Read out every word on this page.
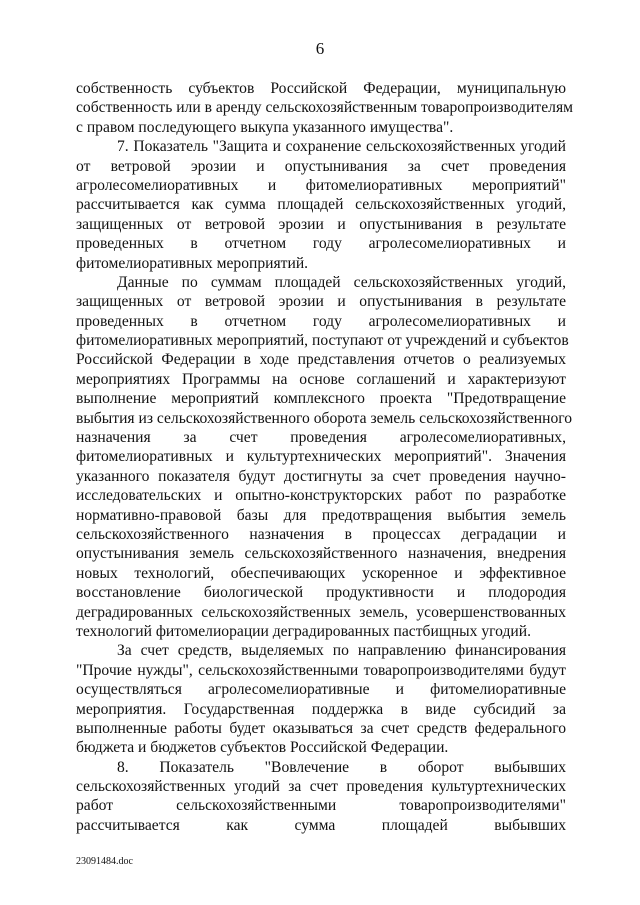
6
собственность субъектов Российской Федерации, муниципальную
собственность или в аренду сельскохозяйственным товаропроизводителям
с правом последующего выкупа указанного имущества".
7. Показатель "Защита и сохранение сельскохозяйственных угодий
от ветровой эрозии и опустынивания за счет проведения
агролесомелиоративных и фитомелиоративных мероприятий"
рассчитывается как сумма площадей сельскохозяйственных угодий,
защищенных от ветровой эрозии и опустынивания в результате
проведенных в отчетном году агролесомелиоративных и
фитомелиоративных мероприятий.
Данные по суммам площадей сельскохозяйственных угодий,
защищенных от ветровой эрозии и опустынивания в результате
проведенных в отчетном году агролесомелиоративных и
фитомелиоративных мероприятий, поступают от учреждений и субъектов
Российской Федерации в ходе представления отчетов о реализуемых
мероприятиях Программы на основе соглашений и характеризуют
выполнение мероприятий комплексного проекта "Предотвращение
выбытия из сельскохозяйственного оборота земель сельскохозяйственного
назначения за счет проведения агролесомелиоративных,
фитомелиоративных и культуртехнических мероприятий". Значения
указанного показателя будут достигнуты за счет проведения научно-
исследовательских и опытно-конструкторских работ по разработке
нормативно-правовой базы для предотвращения выбытия земель
сельскохозяйственного назначения в процессах деградации и
опустынивания земель сельскохозяйственного назначения, внедрения
новых технологий, обеспечивающих ускоренное и эффективное
восстановление биологической продуктивности и плодородия
деградированных сельскохозяйственных земель, усовершенствованных
технологий фитомелиорации деградированных пастбищных угодий.
За счет средств, выделяемых по направлению финансирования
"Прочие нужды", сельскохозяйственными товаропроизводителями будут
осуществляться агролесомелиоративные и фитомелиоративные
мероприятия. Государственная поддержка в виде субсидий за
выполненные работы будет оказываться за счет средств федерального
бюджета и бюджетов субъектов Российской Федерации.
8. Показатель "Вовлечение в оборот выбывших
сельскохозяйственных угодий за счет проведения культуртехнических
работ сельскохозяйственными товаропроизводителями"
рассчитывается как сумма площадей выбывших
23091484.doc
